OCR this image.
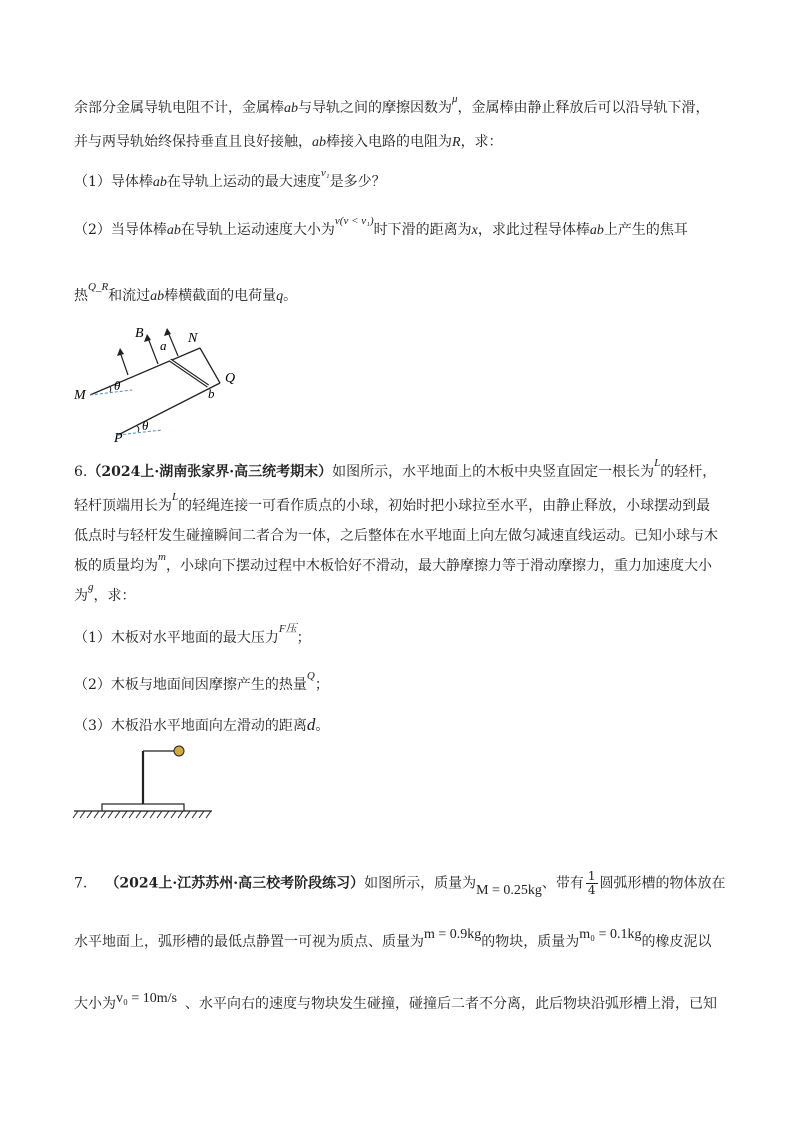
余部分金属导轨电阻不计，金属棒ab与导轨之间的摩擦因数为$^\mu$，金属棒由静止释放后可以沿导轨下滑，
并与两导轨始终保持垂直且良好接触，ab棒接入电路的电阻为R，求：
（1）导体棒ab在导轨上运动的最大速度$^{v_1}$是多少？
（2）当导体棒ab在导轨上运动速度大小为$^{v(v < v_1)}$时下滑的距离为x，求此过程导体棒ab上产生的焦耳
热$^{Q\_R}$和流过ab棒横截面的电荷量q。
B
a N
M
θ
b
Q
P
θ
6.（2024上·湖南张家界·高三统考期末）如图所示，水平地面上的木板中央竖直固定一根长为$^L$的轻杆，
轻杆顶端用长为$^L$的轻绳连接一可看作质点的小球，初始时把小球拉至水平，由静止释放，小球摆动到最
低点时与轻杆发生碰撞瞬间二者合为一体，之后整体在水平地面上向左做匀减速直线运动。已知小球与木
板的质量均为$^m$，小球向下摆动过程中木板恰好不滑动，最大静摩擦力等于滑动摩擦力，重力加速度大小
为$^g$，求：
（1）木板对水平地面的最大压力$^{F压}$；
（2）木板与地面间因摩擦产生的热量$^Q$；
（3）木板沿水平地面向左滑动的距离d。
7. （2024上·江苏苏州·高三校考阶段练习）如图所示，质量为M = 0.25kg、带有 $\frac{1}{4}$ 圆弧形槽的物体放在
水平地面上，弧形槽的最低点静置一可视为质点、质量为m = 0.9kg的物块，质量为m₀ = 0.1kg的橡皮泥以
大小为v₀ = 10m/s 、水平向右的速度与物块发生碰撞，碰撞后二者不分离，此后物块沿弧形槽上滑，已知
